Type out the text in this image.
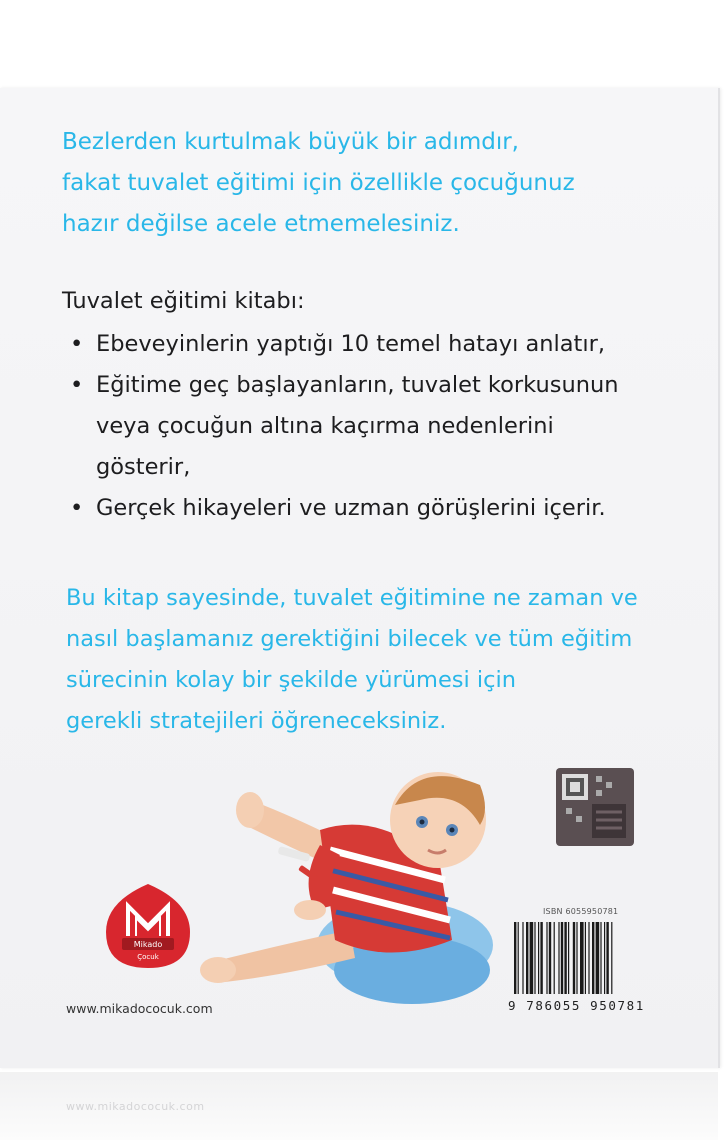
www.mikadococuk.com

Bezlerden kurtulmak büyük bir adımdır,
fakat tuvalet eğitimi için özellikle çocuğunuz
hazır değilse acele etmemelesiniz.

Tuvalet eğitimi kitabı:

• Ebeveyinlerin yaptığı 10 temel hatayı anlatır,
• Eğitime geç başlayanların, tuvalet korkusunun
veya çocuğun altına kaçırma nedenlerini
gösterir,
• Gerçek hikayeleri ve uzman görüşlerini içerir.

Bu kitap sayesinde, tuvalet eğitimine ne zaman ve
nasıl başlamanız gerektiğini bilecek ve tüm eğitim
sürecinin kolay bir şekilde yürümesi için
gerekli stratejileri öğreneceksiniz.

Mikado
Çocuk
ISBN 6055950781
9 786055 950781
www.mikadococuk.com
